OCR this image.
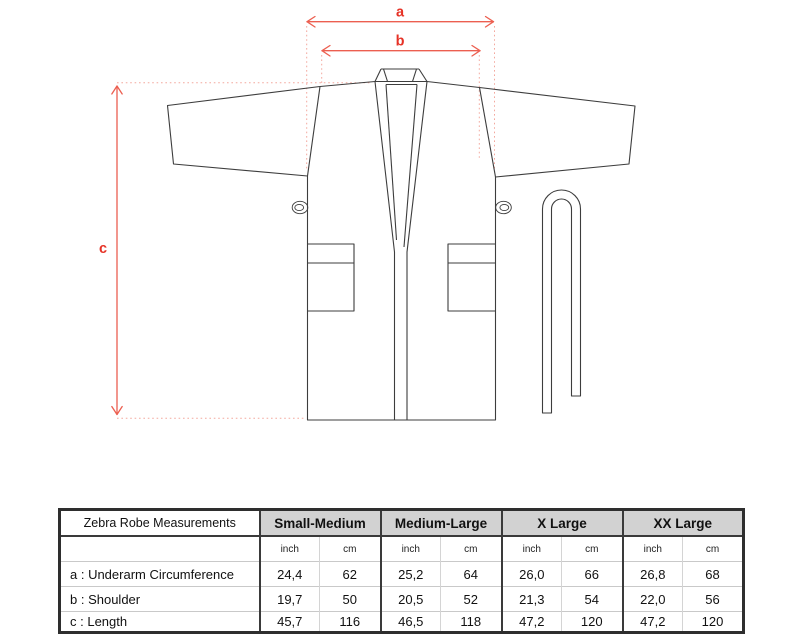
a
b
c
Zebra Robe Measurements	Small-Medium		Medium-Large		X Large		XX Large	
	inch	cm	inch	cm	inch	cm	inch	cm
a : Underarm Circumference	24,4	62	25,2	64	26,0	66	26,8	68
b : Shoulder	19,7	50	20,5	52	21,3	54	22,0	56
c : Length	45,7	116	46,5	118	47,2	120	47,2	120
